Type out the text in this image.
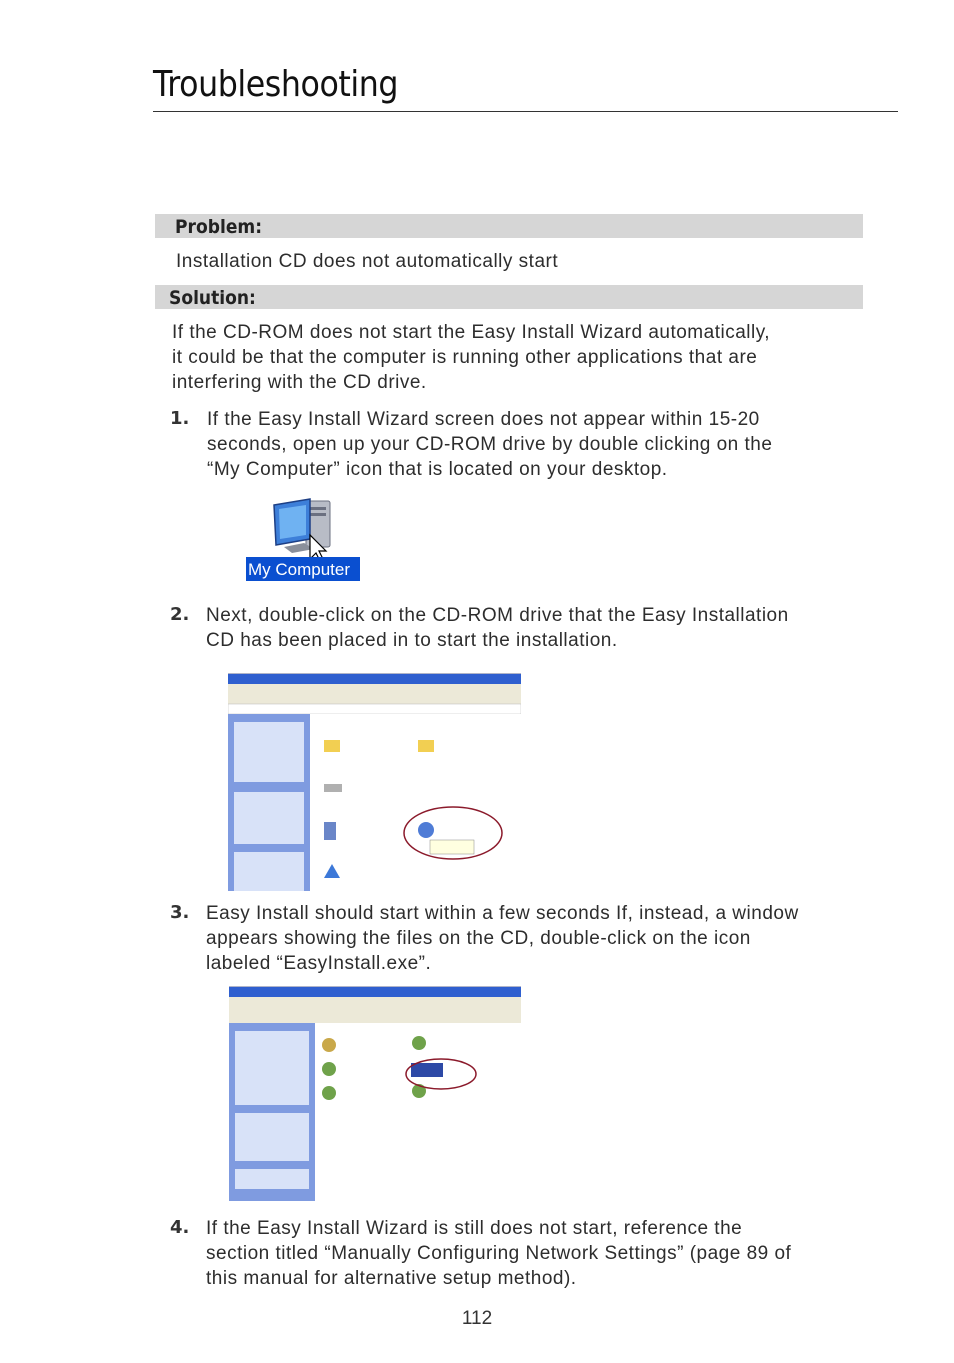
Troubleshooting
Problem:
Installation CD does not automatically start
Solution:
If the CD-ROM does not start the Easy Install Wizard automatically,
it could be that the computer is running other applications that are
interfering with the CD drive.
1. If the Easy Install Wizard screen does not appear within 15-20
seconds, open up your CD-ROM drive by double clicking on the
“My Computer” icon that is located on your desktop.
My Computer
2. Next, double-click on the CD-ROM drive that the Easy Installation
CD has been placed in to start the installation.
3. Easy Install should start within a few seconds If, instead, a window
appears showing the files on the CD, double-click on the icon
labeled “EasyInstall.exe”.
4. If the Easy Install Wizard is still does not start, reference the
section titled “Manually Configuring Network Settings” (page 89 of
this manual for alternative setup method).
112
